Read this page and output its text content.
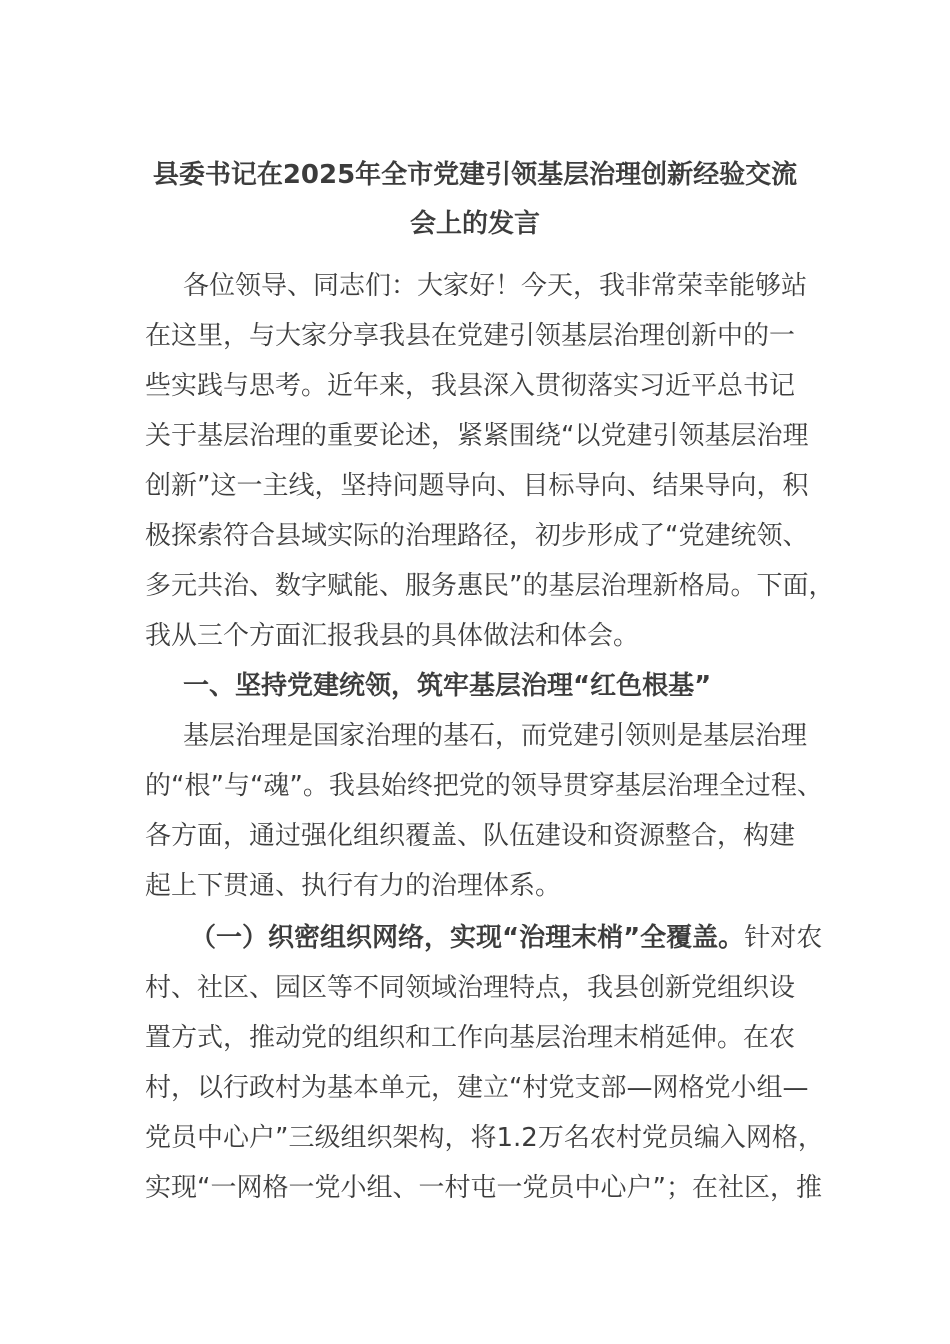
县委书记在2025年全市党建引领基层治理创新经验交流
会上的发言
各位领导、同志们：大家好！今天，我非常荣幸能够站
在这里，与大家分享我县在党建引领基层治理创新中的一
些实践与思考。近年来，我县深入贯彻落实习近平总书记
关于基层治理的重要论述，紧紧围绕“以党建引领基层治理
创新”这一主线，坚持问题导向、目标导向、结果导向，积
极探索符合县域实际的治理路径，初步形成了“党建统领、
多元共治、数字赋能、服务惠民”的基层治理新格局。下面，
我从三个方面汇报我县的具体做法和体会。
一、坚持党建统领，筑牢基层治理“红色根基”
基层治理是国家治理的基石，而党建引领则是基层治理
的“根”与“魂”。我县始终把党的领导贯穿基层治理全过程、
各方面，通过强化组织覆盖、队伍建设和资源整合，构建
起上下贯通、执行有力的治理体系。
（一）织密组织网络，实现“治理末梢”全覆盖。针对农
村、社区、园区等不同领域治理特点，我县创新党组织设
置方式，推动党的组织和工作向基层治理末梢延伸。在农
村，以行政村为基本单元，建立“村党支部—网格党小组—
党员中心户”三级组织架构，将1.2万名农村党员编入网格，
实现“一网格一党小组、一村屯一党员中心户”；在社区，推
